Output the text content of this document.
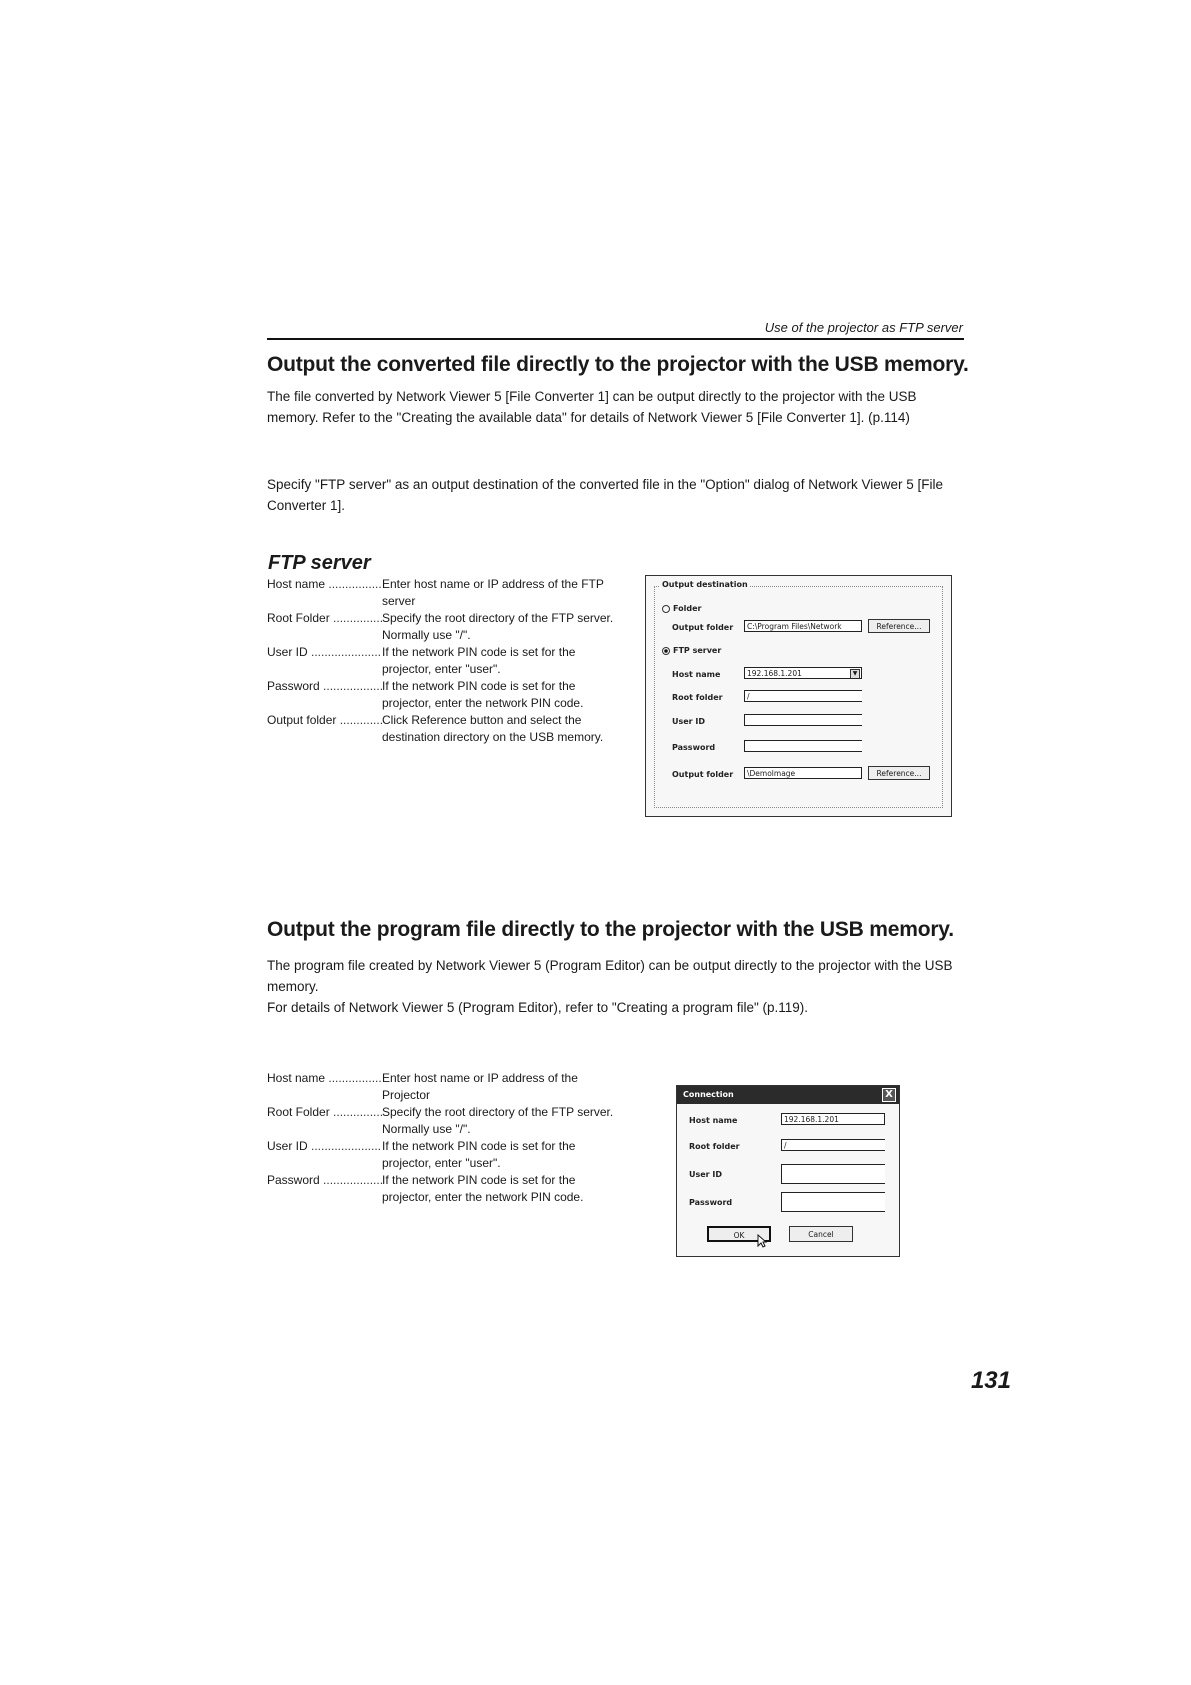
Use of the projector as FTP server
Output the converted file directly to the projector with the USB memory.

The file converted by Network Viewer 5 [File Converter 1] can be output directly to the projector with the USB memory. Refer to the "Creating the available data" for details of Network Viewer 5 [File Converter 1]. (p.114)

Specify "FTP server" as an output destination of the converted file in the "Option" dialog of Network Viewer 5 [File Converter 1].

FTP server
Host name .....	Enter host name or IP address of the FTP server
Root Folder .....	Specify the root directory of the FTP server. Normally use "/".
User ID .....	If the network PIN code is set for the projector, enter "user".
Password .....	If the network PIN code is set for the projector, enter the network PIN code.
Output folder .....	Click Reference button and select the destination directory on the USB memory.
Output destination
Folder
Output folder	C:\Program Files\Network	Reference...
FTP server
Host name	192.168.1.201	▼
Root folder	/
User ID
Password
Output folder	\Demolmage	Reference...
Output the program file directly to the projector with the USB memory.

The program file created by Network Viewer 5 (Program Editor) can be output directly to the projector with the USB memory.

For details of Network Viewer 5 (Program Editor), refer to "Creating a program file" (p.119).

Host name .....	Enter host name or IP address of the Projector
Root Folder .....	Specify the root directory of the FTP server. Normally use "/".
User ID .....	If the network PIN code is set for the projector, enter "user".
Password .....	If the network PIN code is set for the projector, enter the network PIN code.
Connection	X
Host name	192.168.1.201
Root folder	/
User ID
Password
OK	Cancel
131
